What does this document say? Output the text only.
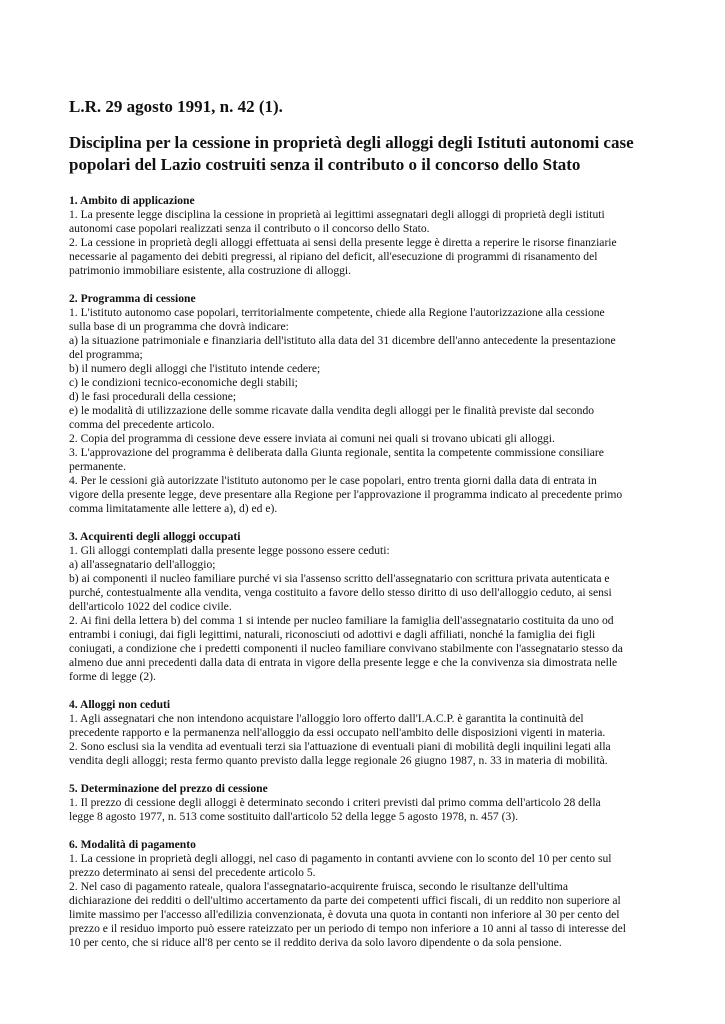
L.R. 29 agosto 1991, n. 42 (1).
Disciplina per la cessione in proprietà degli alloggi degli Istituti autonomi case
popolari del Lazio costruiti senza il contributo o il concorso dello Stato

1. Ambito di applicazione

1. La presente legge disciplina la cessione in proprietà ai legittimi assegnatari degli alloggi di proprietà degli istituti

autonomi case popolari realizzati senza il contributo o il concorso dello Stato.

2. La cessione in proprietà degli alloggi effettuata ai sensi della presente legge è diretta a reperire le risorse finanziarie

necessarie al pagamento dei debiti pregressi, al ripiano del deficit, all'esecuzione di programmi di risanamento del

patrimonio immobiliare esistente, alla costruzione di alloggi.

2. Programma di cessione

1. L'istituto autonomo case popolari, territorialmente competente, chiede alla Regione l'autorizzazione alla cessione

sulla base di un programma che dovrà indicare:

a) la situazione patrimoniale e finanziaria dell'istituto alla data del 31 dicembre dell'anno antecedente la presentazione

del programma;

b) il numero degli alloggi che l'istituto intende cedere;

c) le condizioni tecnico-economiche degli stabili;

d) le fasi procedurali della cessione;

e) le modalità di utilizzazione delle somme ricavate dalla vendita degli alloggi per le finalità previste dal secondo

comma del precedente articolo.

2. Copia del programma di cessione deve essere inviata ai comuni nei quali si trovano ubicati gli alloggi.

3. L'approvazione del programma è deliberata dalla Giunta regionale, sentita la competente commissione consiliare

permanente.

4. Per le cessioni già autorizzate l'istituto autonomo per le case popolari, entro trenta giorni dalla data di entrata in

vigore della presente legge, deve presentare alla Regione per l'approvazione il programma indicato al precedente primo

comma limitatamente alle lettere a), d) ed e).

3. Acquirenti degli alloggi occupati

1. Gli alloggi contemplati dalla presente legge possono essere ceduti:

a) all'assegnatario dell'alloggio;

b) ai componenti il nucleo familiare purché vi sia l'assenso scritto dell'assegnatario con scrittura privata autenticata e

purché, contestualmente alla vendita, venga costituito a favore dello stesso diritto di uso dell'alloggio ceduto, ai sensi

dell'articolo 1022 del codice civile.

2. Ai fini della lettera b) del comma 1 si intende per nucleo familiare la famiglia dell'assegnatario costituita da uno od

entrambi i coniugi, dai figli legittimi, naturali, riconosciuti od adottivi e dagli affiliati, nonché la famiglia dei figli

coniugati, a condizione che i predetti componenti il nucleo familiare convivano stabilmente con l'assegnatario stesso da

almeno due anni precedenti dalla data di entrata in vigore della presente legge e che la convivenza sia dimostrata nelle

forme di legge (2).

4. Alloggi non ceduti

1. Agli assegnatari che non intendono acquistare l'alloggio loro offerto dall'I.A.C.P. è garantita la continuità del

precedente rapporto e la permanenza nell'alloggio da essi occupato nell'ambito delle disposizioni vigenti in materia.

2. Sono esclusi sia la vendita ad eventuali terzi sia l'attuazione di eventuali piani di mobilità degli inquilini legati alla

vendita degli alloggi; resta fermo quanto previsto dalla legge regionale 26 giugno 1987, n. 33 in materia di mobilità.

5. Determinazione del prezzo di cessione

1. Il prezzo di cessione degli alloggi è determinato secondo i criteri previsti dal primo comma dell'articolo 28 della

legge 8 agosto 1977, n. 513 come sostituito dall'articolo 52 della legge 5 agosto 1978, n. 457 (3).

6. Modalità di pagamento

1. La cessione in proprietà degli alloggi, nel caso di pagamento in contanti avviene con lo sconto del 10 per cento sul

prezzo determinato ai sensi del precedente articolo 5.

2. Nel caso di pagamento rateale, qualora l'assegnatario-acquirente fruisca, secondo le risultanze dell'ultima

dichiarazione dei redditi o dell'ultimo accertamento da parte dei competenti uffici fiscali, di un reddito non superiore al

limite massimo per l'accesso all'edilizia convenzionata, è dovuta una quota in contanti non inferiore al 30 per cento del

prezzo e il residuo importo può essere rateizzato per un periodo di tempo non inferiore a 10 anni al tasso di interesse del

10 per cento, che si riduce all'8 per cento se il reddito deriva da solo lavoro dipendente o da sola pensione.
